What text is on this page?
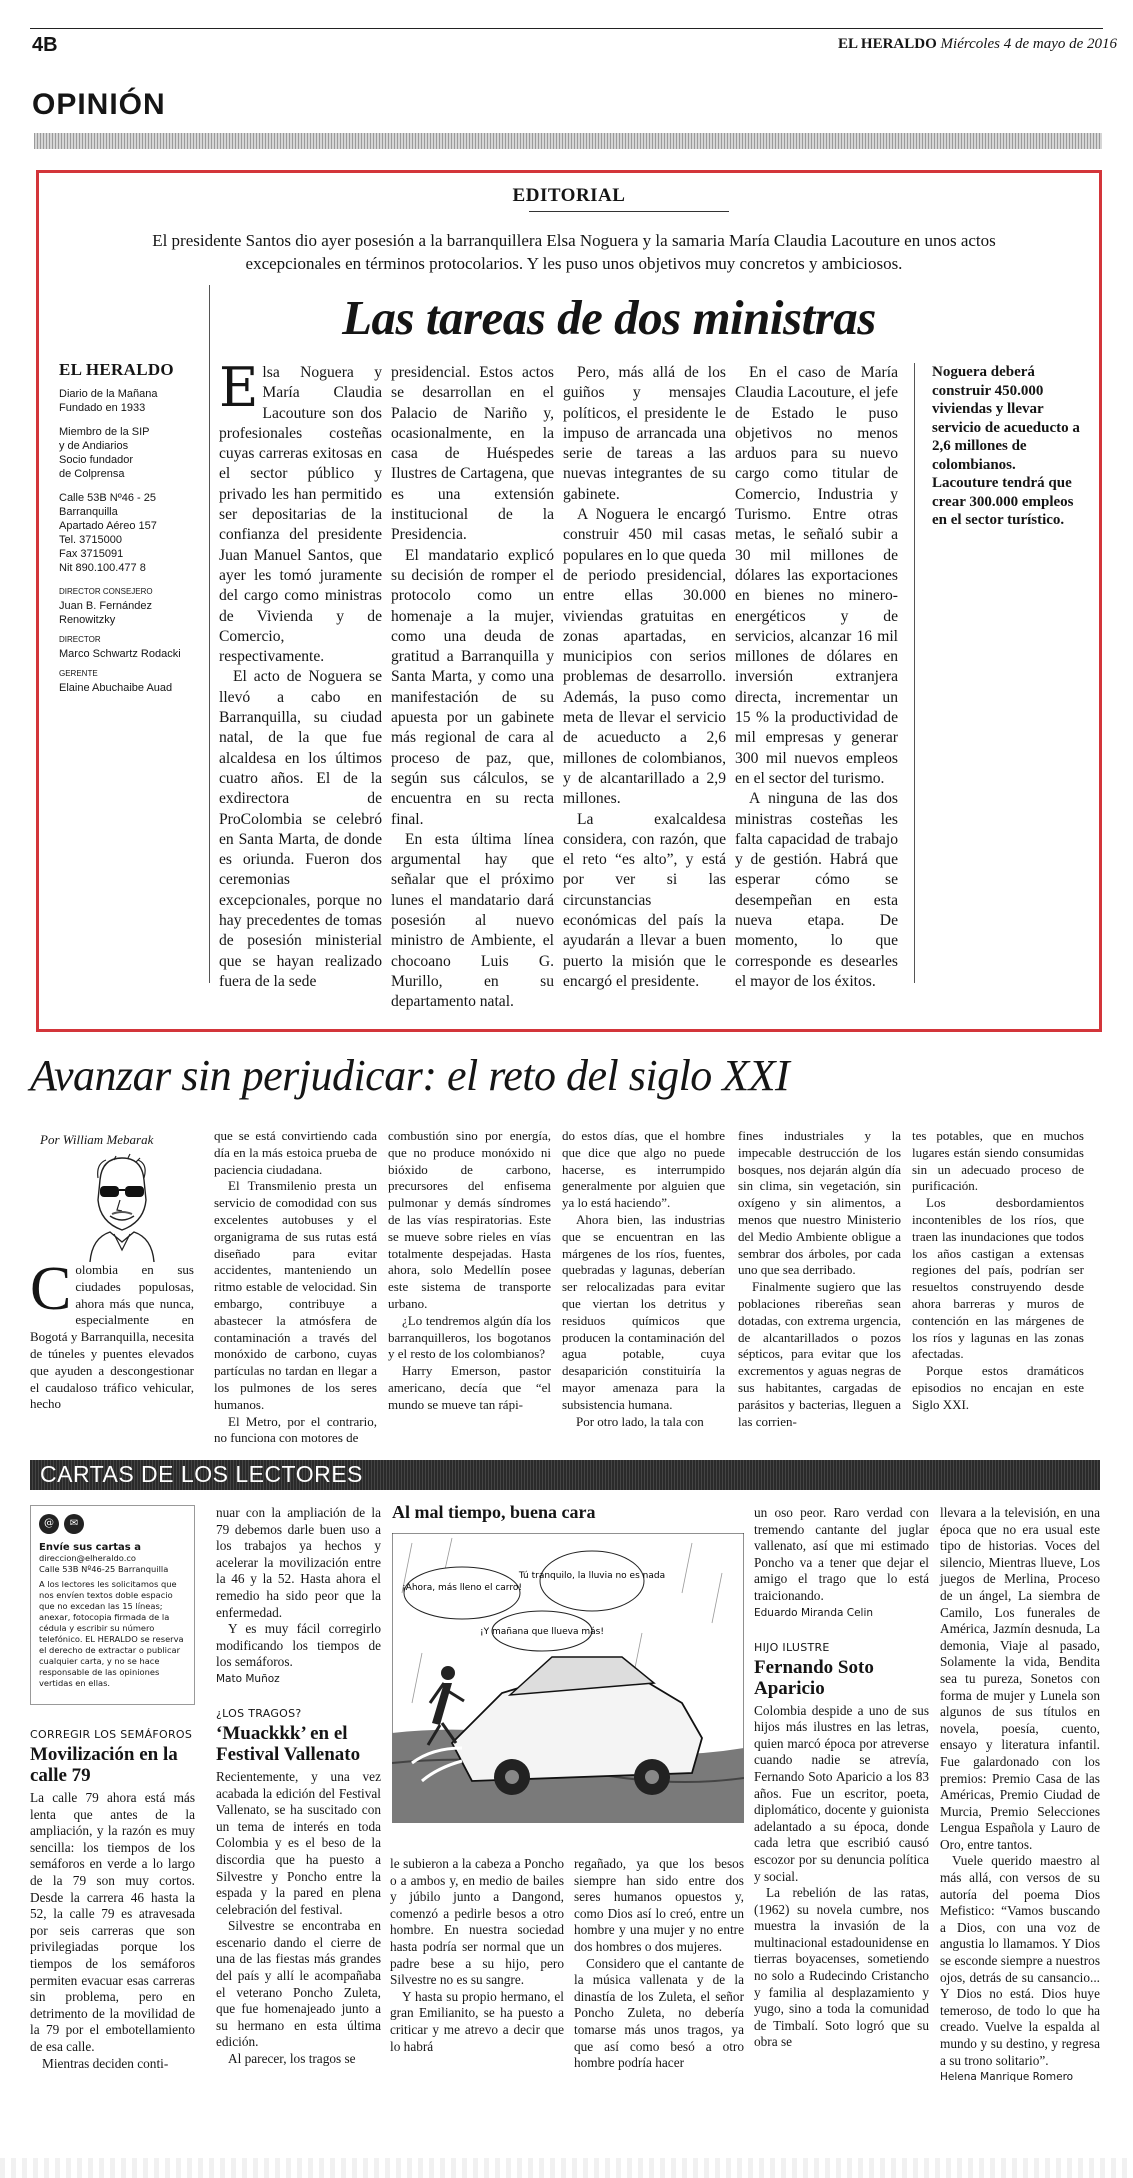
4B	EL HERALDO Miércoles 4 de mayo de 2016
OPINIÓN
EDITORIAL
El presidente Santos dio ayer posesión a la barranquillera Elsa Noguera y la samaria María Claudia Lacouture en unos actos excepcionales en términos protocolarios. Y les puso unos objetivos muy concretos y ambiciosos.
Las tareas de dos ministras
EL HERALDO
Diario de la Mañana
Fundado en 1933
Miembro de la SIP
y de Andiarios
Socio fundador
de Colprensa
Calle 53B Nº46 - 25
Barranquilla
Apartado Aéreo 157
Tel. 3715000
Fax 3715091
Nit 890.100.477 8
DIRECTOR CONSEJERO
Juan B. Fernández
Renowitzky
DIRECTOR
Marco Schwartz Rodacki
GERENTE
Elaine Abuchaibe Auad

Elsa Noguera y María Claudia Lacouture son dos profesionales costeñas cuyas carreras exitosas en el sector público y privado les han permitido ser depositarias de la confianza del presidente Juan Manuel Santos, que ayer les tomó juramente del cargo como ministras de Vivienda y de Comercio, respectivamente.

El acto de Noguera se llevó a cabo en Barranquilla, su ciudad natal, de la que fue alcaldesa en los últimos cuatro años. El de la exdirectora de ProColombia se celebró en Santa Marta, de donde es oriunda. Fueron dos ceremonias excepcionales, porque no hay precedentes de tomas de posesión ministerial que se hayan realizado fuera de la sede

presidencial. Estos actos se desarrollan en el Palacio de Nariño y, ocasionalmente, en la casa de Huéspedes Ilustres de Cartagena, que es una extensión institucional de la Presidencia.

El mandatario explicó su decisión de romper el protocolo como un homenaje a la mujer, como una deuda de gratitud a Barranquilla y Santa Marta, y como una manifestación de su apuesta por un gabinete más regional de cara al proceso de paz, que, según sus cálculos, se encuentra en su recta final.

En esta última línea argumental hay que señalar que el próximo lunes el mandatario dará posesión al nuevo ministro de Ambiente, el chocoano Luis G. Murillo, en su departamento natal.

Pero, más allá de los guiños y mensajes políticos, el presidente le impuso de arrancada una serie de tareas a las nuevas integrantes de su gabinete.

A Noguera le encargó construir 450 mil casas populares en lo que queda de periodo presidencial, entre ellas 30.000 viviendas gratuitas en zonas apartadas, en municipios con serios problemas de desarrollo. Además, la puso como meta de llevar el servicio de acueducto a 2,6 millones de colombianos, y de alcantarillado a 2,9 millones.

La exalcaldesa considera, con razón, que el reto “es alto”, y está por ver si las circunstancias económicas del país la ayudarán a llevar a buen puerto la misión que le encargó el presidente.

En el caso de María Claudia Lacouture, el jefe de Estado le puso objetivos no menos arduos para su nuevo cargo como titular de Comercio, Industria y Turismo. Entre otras metas, le señaló subir a 30 mil millones de dólares las exportaciones en bienes no minero-energéticos y de servicios, alcanzar 16 mil millones de dólares en inversión extranjera directa, incrementar un 15 % la productividad de mil empresas y generar 300 mil nuevos empleos en el sector del turismo.

A ninguna de las dos ministras costeñas les falta capacidad de trabajo y de gestión. Habrá que esperar cómo se desempeñan en esta nueva etapa. De momento, lo que corresponde es desearles el mayor de los éxitos.

Noguera deberá construir 450.000 viviendas y llevar servicio de acueducto a 2,6 millones de colombianos. Lacouture tendrá que crear 300.000 empleos en el sector turístico.
Avanzar sin perjudicar: el reto del siglo XXI
Por William Mebarak

Colombia en sus ciudades populosas, ahora más que nunca, especialmente en Bogotá y Barranquilla, necesita de túneles y puentes elevados que ayuden a descongestionar el caudaloso tráfico vehicular, hecho

que se está convirtiendo cada día en la más estoica prueba de paciencia ciudadana.

El Transmilenio presta un servicio de comodidad con sus excelentes autobuses y el organigrama de sus rutas está diseñado para evitar accidentes, manteniendo un ritmo estable de velocidad. Sin embargo, contribuye a abastecer la atmósfera de contaminación a través del monóxido de carbono, cuyas partículas no tardan en llegar a los pulmones de los seres humanos.

El Metro, por el contrario, no funciona con motores de

combustión sino por energía, que no produce monóxido ni bióxido de carbono, precursores del enfisema pulmonar y demás síndromes de las vías respiratorias. Este se mueve sobre rieles en vías totalmente despejadas. Hasta ahora, solo Medellín posee este sistema de transporte urbano.

¿Lo tendremos algún día los barranquilleros, los bogotanos y el resto de los colombianos?

Harry Emerson, pastor americano, decía que “el mundo se mueve tan rápi-

do estos días, que el hombre que dice que algo no puede hacerse, es interrumpido generalmente por alguien que ya lo está haciendo”.

Ahora bien, las industrias que se encuentran en las márgenes de los ríos, fuentes, quebradas y lagunas, deberían ser relocalizadas para evitar que viertan los detritus y residuos químicos que producen la contaminación del agua potable, cuya desaparición constituiría la mayor amenaza para la subsistencia humana.

Por otro lado, la tala con

fines industriales y la impecable destrucción de los bosques, nos dejarán algún día sin clima, sin vegetación, sin oxígeno y sin alimentos, a menos que nuestro Ministerio del Medio Ambiente obligue a sembrar dos árboles, por cada uno que sea derribado.

Finalmente sugiero que las poblaciones ribereñas sean dotadas, con extrema urgencia, de alcantarillados o pozos sépticos, para evitar que los excrementos y aguas negras de sus habitantes, cargadas de parásitos y bacterias, lleguen a las corrien-

tes potables, que en muchos lugares están siendo consumidas sin un adecuado proceso de purificación.

Los desbordamientos incontenibles de los ríos, que traen las inundaciones que todos los años castigan a extensas regiones del país, podrían ser resueltos construyendo desde ahora barreras y muros de contención en las márgenes de los ríos y lagunas en las zonas afectadas.

Porque estos dramáticos episodios no encajan en este Siglo XXI.

CARTAS DE LOS LECTORES
@	✉
Envíe sus cartas a
direccion@elheraldo.co
Calle 53B Nº46-25 Barranquilla
A los lectores les solicitamos que nos envíen textos doble espacio que no excedan las 15 líneas; anexar, fotocopia firmada de la cédula y escribir su número telefónico. EL HERALDO se reserva el derecho de extractar o publicar cualquier carta, y no se hace responsable de las opiniones vertidas en ellas.
CORREGIR LOS SEMÁFOROS
Movilización en la calle 79

La calle 79 ahora está más lenta que antes de la ampliación, y la razón es muy sencilla: los tiempos de los semáforos en verde a lo largo de la 79 son muy cortos. Desde la carrera 46 hasta la 52, la calle 79 es atravesada por seis carreras que son privilegiadas porque los tiempos de los semáforos permiten evacuar esas carreras sin problema, pero en detrimento de la movilidad de la 79 por el embotellamiento de esa calle.

Mientras deciden conti-

nuar con la ampliación de la 79 debemos darle buen uso a los trabajos ya hechos y acelerar la movilización entre la 46 y la 52. Hasta ahora el remedio ha sido peor que la enfermedad.

Y es muy fácil corregirlo modificando los tiempos de los semáforos.

Mato Muñoz
¿LOS TRAGOS?
‘Muackkk’ en el Festival Vallenato

Recientemente, y una vez acabada la edición del Festival Vallenato, se ha suscitado con un tema de interés en toda Colombia y es el beso de la discordia que ha puesto a Silvestre y Poncho entre la espada y la pared en plena celebración del festival.

Silvestre se encontraba en escenario dando el cierre de una de las fiestas más grandes del país y allí le acompañaba el veterano Poncho Zuleta, que fue homenajeado junto a su hermano en esta última edición.

Al parecer, los tragos se

Al mal tiempo, buena cara
¡Ahora, más lleno el carro!
Tú tranquilo, la lluvia no es nada
¡Y mañana que llueva más!

le subieron a la cabeza a Poncho o a ambos y, en medio de bailes y júbilo junto a Dangond, comenzó a pedirle besos a otro hombre. En nuestra sociedad hasta podría ser normal que un padre bese a su hijo, pero Silvestre no es su sangre.

Y hasta su propio hermano, el gran Emilianito, se ha puesto a criticar y me atrevo a decir que lo habrá

regañado, ya que los besos siempre han sido entre dos seres humanos opuestos y, como Dios así lo creó, entre un hombre y una mujer y no entre dos hombres o dos mujeres.

Considero que el cantante de la música vallenata y de la dinastía de los Zuleta, el señor Poncho Zuleta, no debería tomarse más unos tragos, ya que así como besó a otro hombre podría hacer

un oso peor. Raro verdad con tremendo cantante del juglar vallenato, así que mi estimado Poncho va a tener que dejar el amigo el trago que lo está traicionando.

Eduardo Miranda Celin
HIJO ILUSTRE
Fernando Soto Aparicio

Colombia despide a uno de sus hijos más ilustres en las letras, quien marcó época por atreverse cuando nadie se atrevía, Fernando Soto Aparicio a los 83 años. Fue un escritor, poeta, diplomático, docente y guionista adelantado a su época, donde cada letra que escribió causó escozor por su denuncia política y social.

La rebelión de las ratas, (1962) su novela cumbre, nos muestra la invasión de la multinacional estadounidense en tierras boyacenses, sometiendo no solo a Rudecindo Cristancho y familia al desplazamiento y yugo, sino a toda la comunidad de Timbalí. Soto logró que su obra se

llevara a la televisión, en una época que no era usual este tipo de historias. Voces del silencio, Mientras llueve, Los juegos de Merlina, Proceso de un ángel, La siembra de Camilo, Los funerales de América, Jazmín desnuda, La demonia, Viaje al pasado, Solamente la vida, Bendita sea tu pureza, Sonetos con forma de mujer y Lunela son algunos de sus títulos en novela, poesía, cuento, ensayo y literatura infantil. Fue galardonado con los premios: Premio Casa de las Américas, Premio Ciudad de Murcia, Premio Selecciones Lengua Española y Lauro de Oro, entre tantos.

Vuele querido maestro al más allá, con versos de su autoría del poema Dios Mefistico: “Vamos buscando a Dios, con una voz de angustia lo llamamos. Y Dios se esconde siempre a nuestros ojos, detrás de su cansancio... Y Dios no está. Dios huye temeroso, de todo lo que ha creado. Vuelve la espalda al mundo y su destino, y regresa a su trono solitario”.

Helena Manrique Romero
